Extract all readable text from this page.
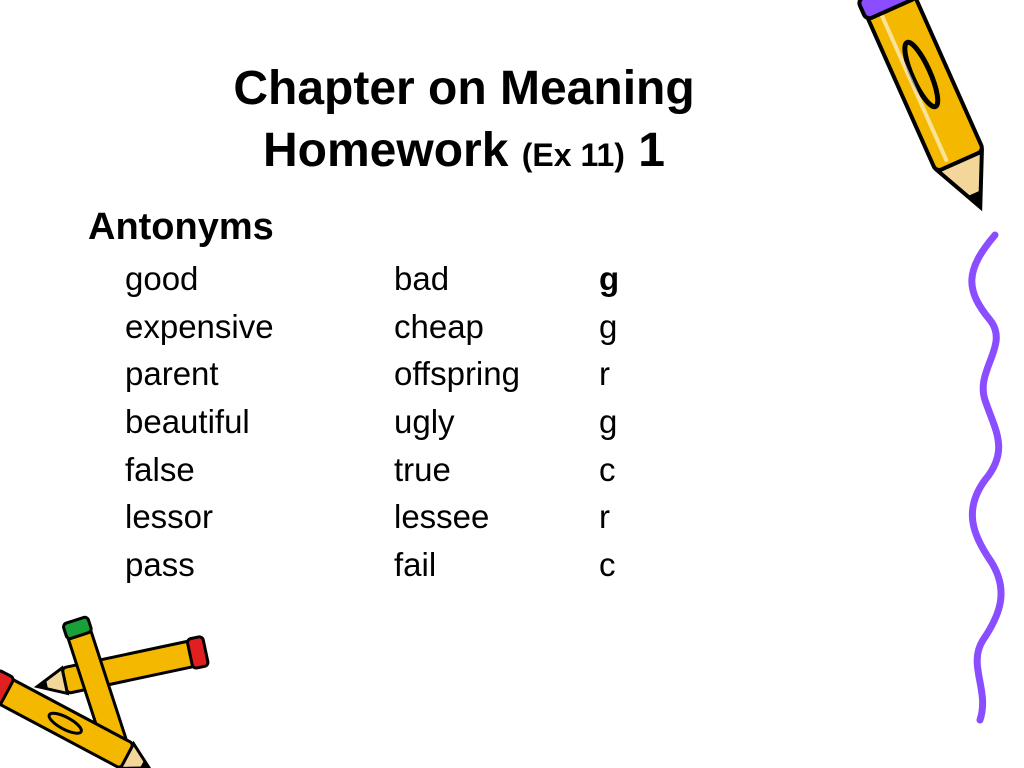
Chapter on Meaning
Homework (Ex 11) 1
Antonyms
good	bad	g
expensive	cheap	g
parent	offspring r
beautiful	ugly	g
false	true	c
lessor	lessee	r
pass	fail	c
